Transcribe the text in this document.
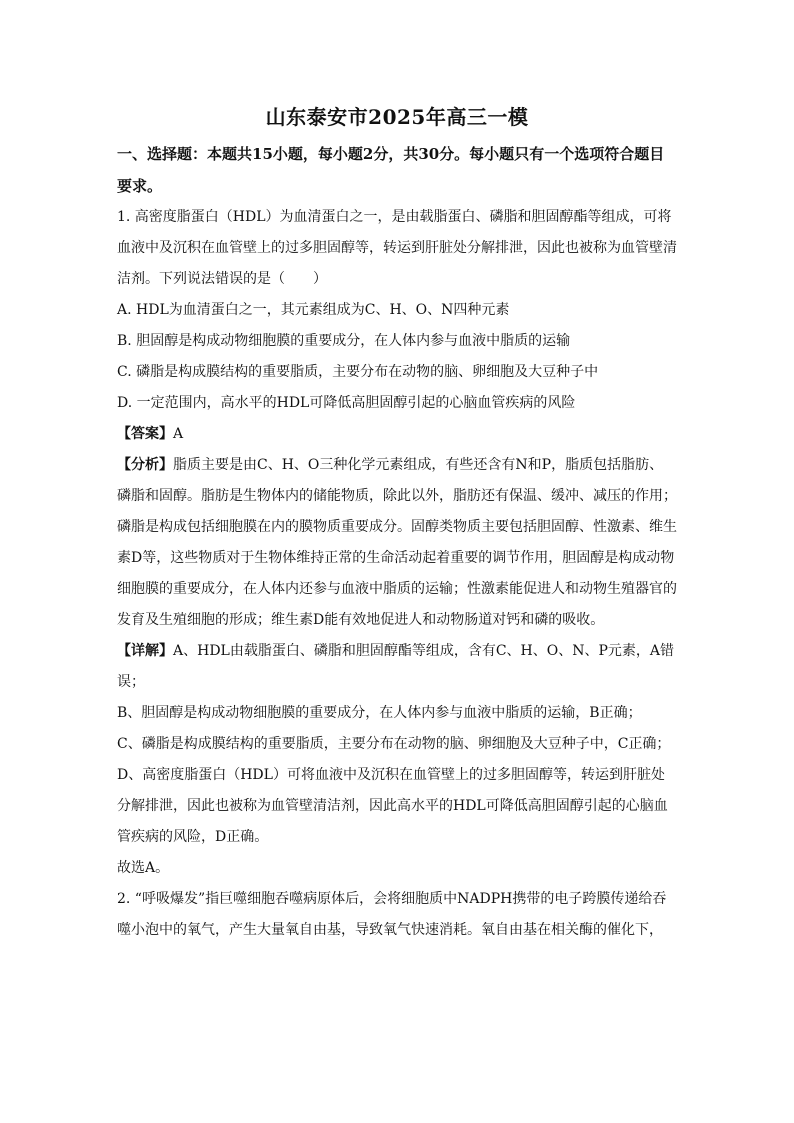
山东泰安市2025年高三一模

一、选择题：本题共15小题，每小题2分，共30分。每小题只有一个选项符合题目要求。

1. 高密度脂蛋白（HDL）为血清蛋白之一，是由载脂蛋白、磷脂和胆固醇酯等组成，可将血液中及沉积在血管壁上的过多胆固醇等，转运到肝脏处分解排泄，因此也被称为血管壁清洁剂。下列说法错误的是（　　）

A. HDL为血清蛋白之一，其元素组成为C、H、O、N四种元素

B. 胆固醇是构成动物细胞膜的重要成分，在人体内参与血液中脂质的运输

C. 磷脂是构成膜结构的重要脂质，主要分布在动物的脑、卵细胞及大豆种子中

D. 一定范围内，高水平的HDL可降低高胆固醇引起的心脑血管疾病的风险

【答案】A

【分析】脂质主要是由C、H、O三种化学元素组成，有些还含有N和P，脂质包括脂肪、磷脂和固醇。脂肪是生物体内的储能物质，除此以外，脂肪还有保温、缓冲、减压的作用；磷脂是构成包括细胞膜在内的膜物质重要成分。固醇类物质主要包括胆固醇、性激素、维生素D等，这些物质对于生物体维持正常的生命活动起着重要的调节作用，胆固醇是构成动物细胞膜的重要成分，在人体内还参与血液中脂质的运输；性激素能促进人和动物生殖器官的发育及生殖细胞的形成；维生素D能有效地促进人和动物肠道对钙和磷的吸收。

【详解】A、HDL由载脂蛋白、磷脂和胆固醇酯等组成，含有C、H、O、N、P元素，A错误；

B、胆固醇是构成动物细胞膜的重要成分，在人体内参与血液中脂质的运输，B正确；

C、磷脂是构成膜结构的重要脂质，主要分布在动物的脑、卵细胞及大豆种子中，C正确；

D、高密度脂蛋白（HDL）可将血液中及沉积在血管壁上的过多胆固醇等，转运到肝脏处分解排泄，因此也被称为血管壁清洁剂，因此高水平的HDL可降低高胆固醇引起的心脑血管疾病的风险，D正确。

故选A。

2. “呼吸爆发”指巨噬细胞吞噬病原体后，会将细胞质中NADPH携带的电子跨膜传递给吞噬小泡中的氧气，产生大量氧自由基，导致氧气快速消耗。氧自由基在相关酶的催化下，
